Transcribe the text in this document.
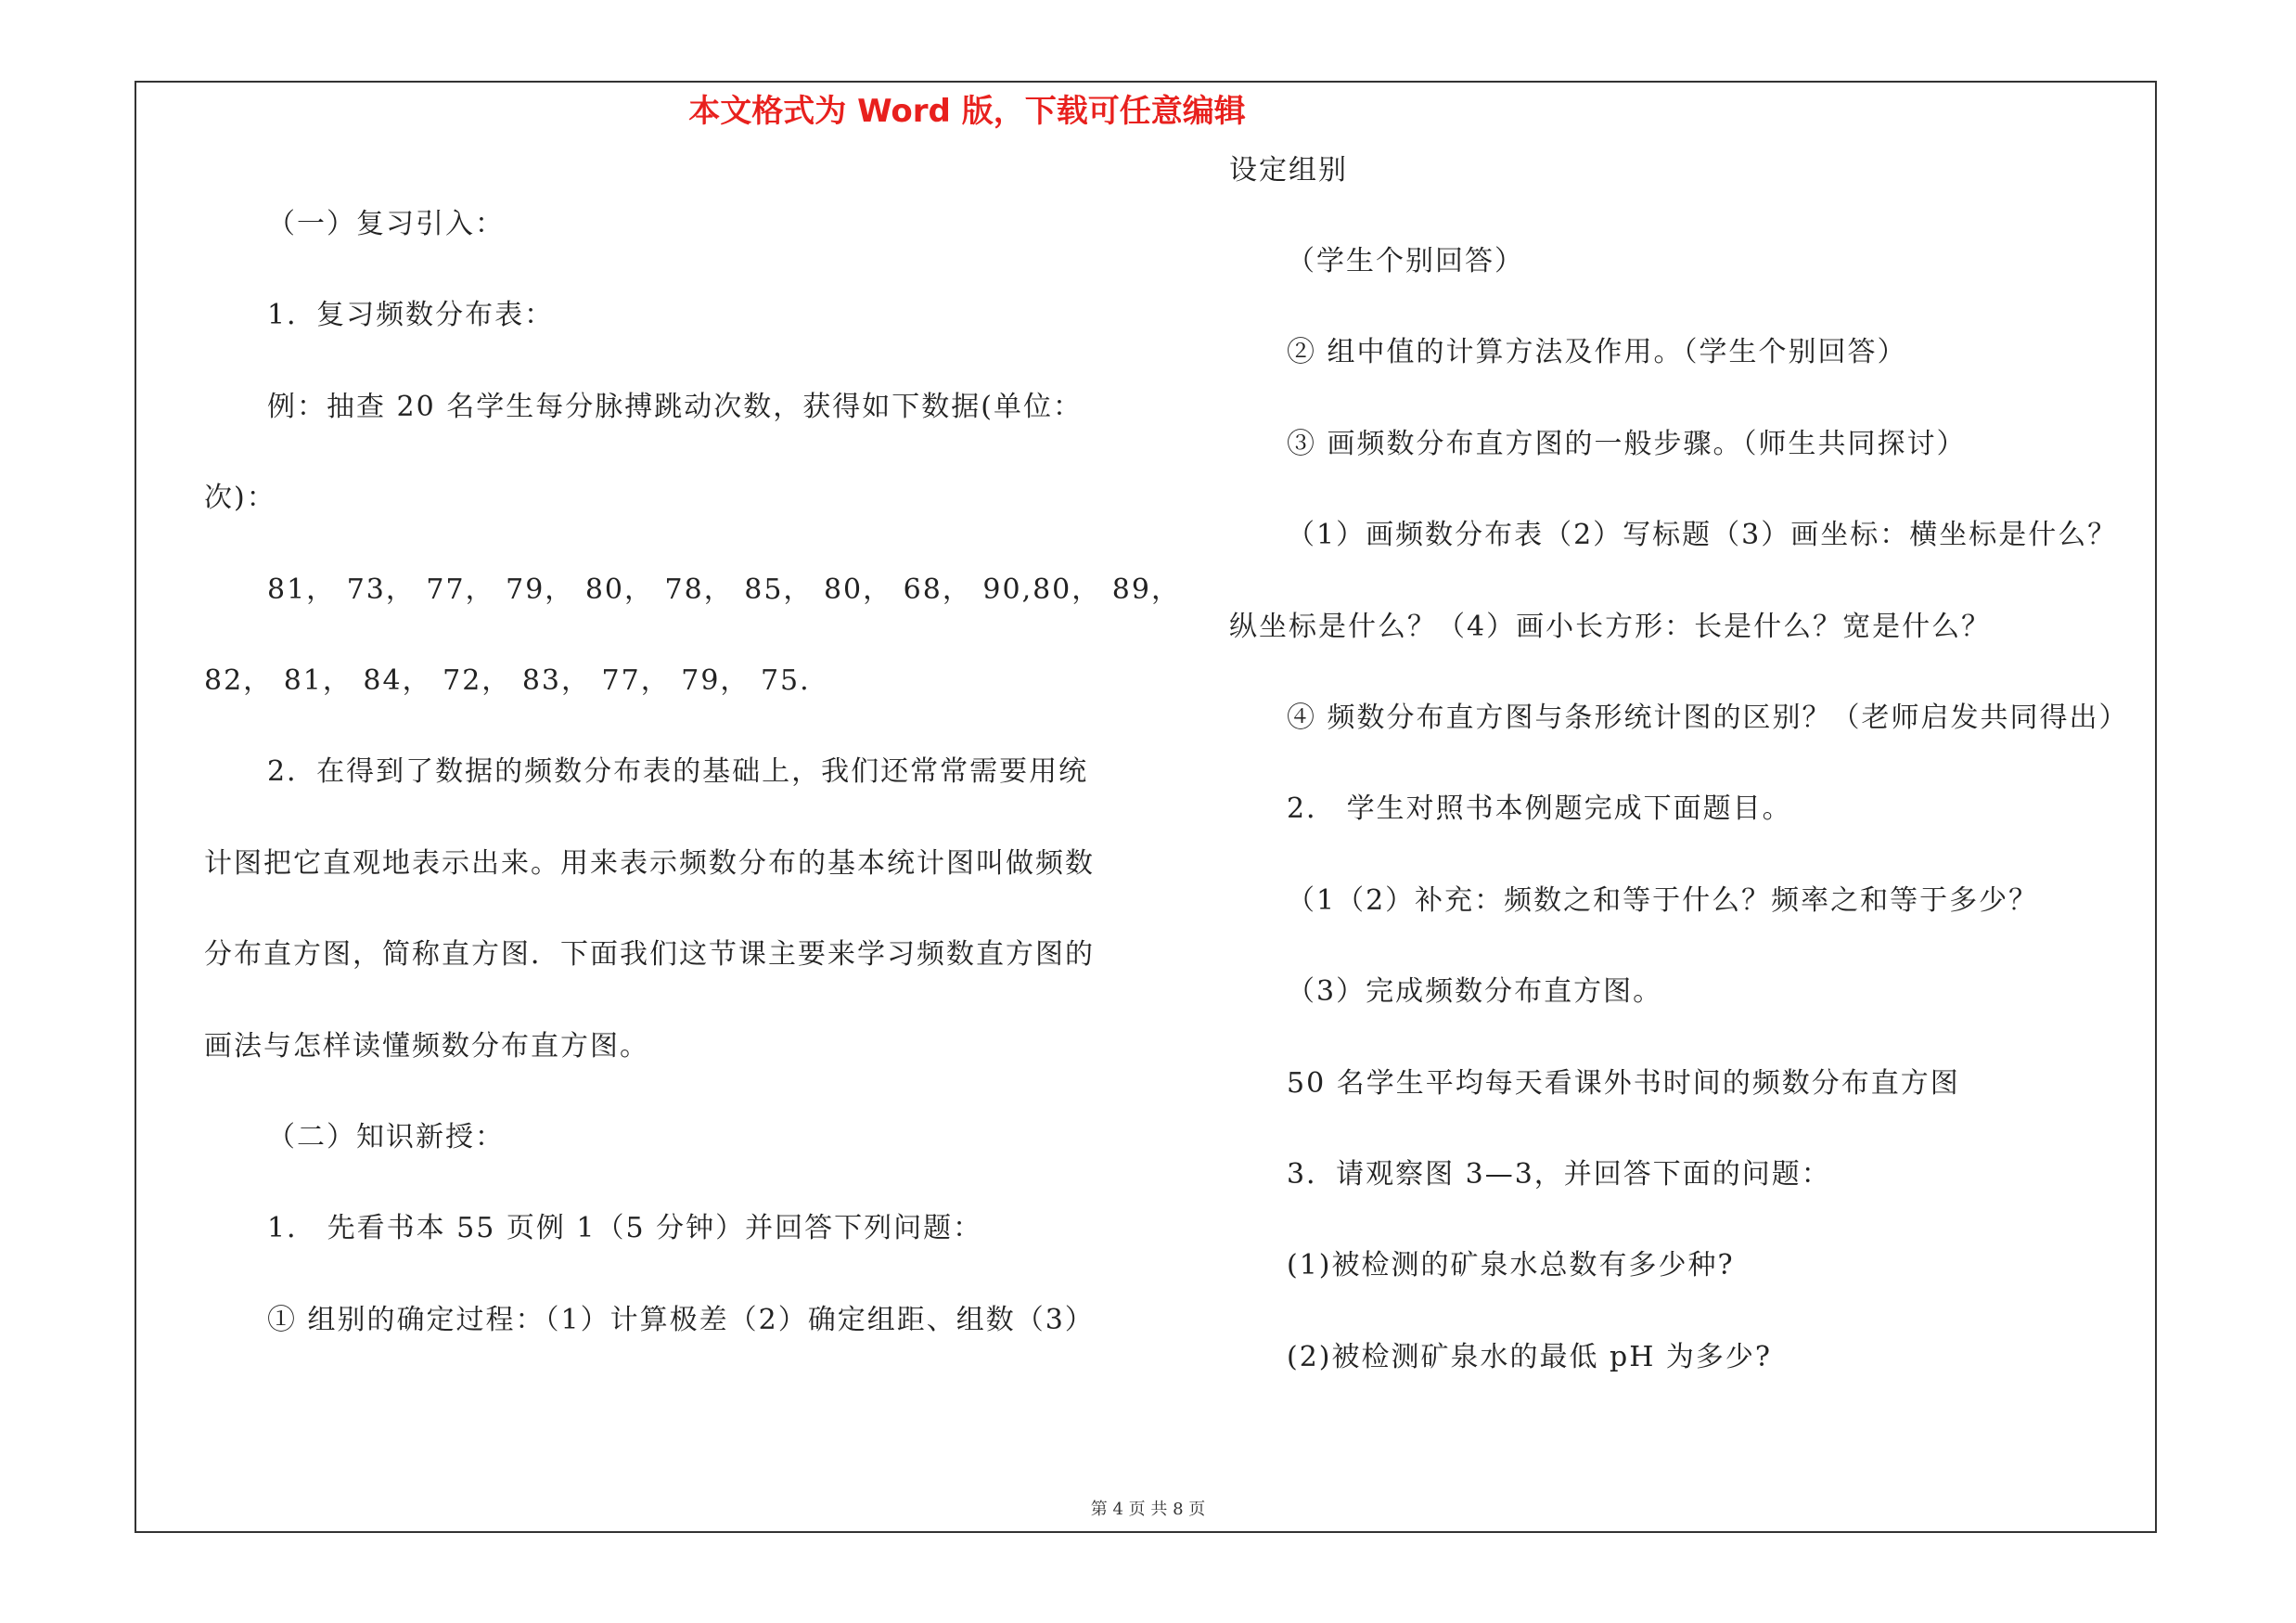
本文格式为 Word 版，下载可任意编辑
（一）复习引入：
1．复习频数分布表：
例：抽查 20 名学生每分脉搏跳动次数，获得如下数据(单位：
次)：
81， 73， 77， 79， 80， 78， 85， 80， 68， 90,80， 89，
82， 81， 84， 72， 83， 77， 79， 75.
2．在得到了数据的频数分布表的基础上，我们还常常需要用统
计图把它直观地表示出来。用来表示频数分布的基本统计图叫做频数
分布直方图，简称直方图．下面我们这节课主要来学习频数直方图的
画法与怎样读懂频数分布直方图。
（二）知识新授：
1． 先看书本 55 页例 1（5 分钟）并回答下列问题：
① 组别的确定过程：（1）计算极差（2）确定组距、组数（3）
设定组别
（学生个别回答）
② 组中值的计算方法及作用。（学生个别回答）
③ 画频数分布直方图的一般步骤。（师生共同探讨）
（1）画频数分布表（2）写标题（3）画坐标：横坐标是什么？
纵坐标是什么？（4）画小长方形：长是什么？宽是什么？
④ 频数分布直方图与条形统计图的区别？（老师启发共同得出）
2． 学生对照书本例题完成下面题目。
（1（2）补充：频数之和等于什么？频率之和等于多少？
（3）完成频数分布直方图。
50 名学生平均每天看课外书时间的频数分布直方图
3．请观察图 3—3，并回答下面的问题：
(1)被检测的矿泉水总数有多少种?
(2)被检测矿泉水的最低 pH 为多少?
第 4 页 共 8 页
